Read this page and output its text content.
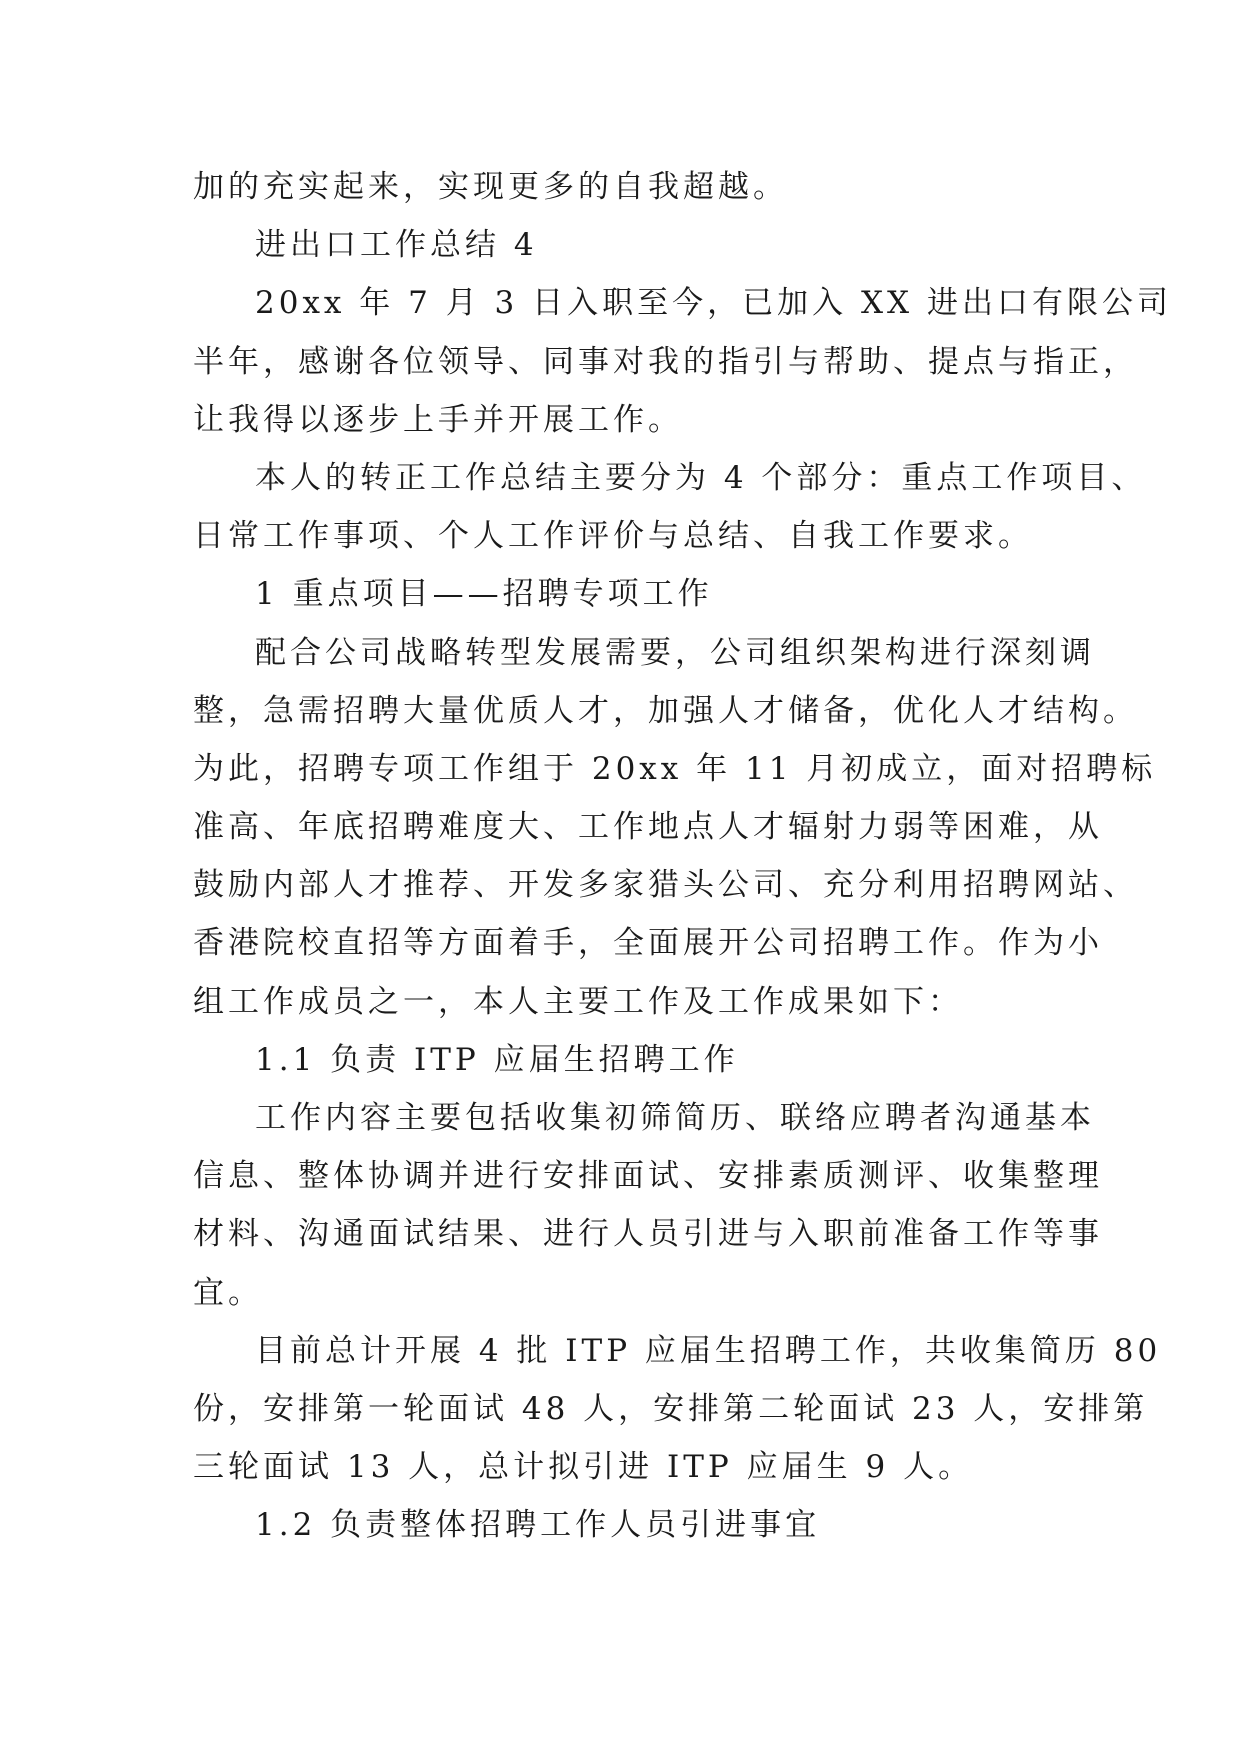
加的充实起来，实现更多的自我超越。
进出口工作总结 4
20xx 年 7 月 3 日入职至今，已加入 XX 进出口有限公司
半年，感谢各位领导、同事对我的指引与帮助、提点与指正，
让我得以逐步上手并开展工作。
本人的转正工作总结主要分为 4 个部分：重点工作项目、
日常工作事项、个人工作评价与总结、自我工作要求。
1 重点项目——招聘专项工作
配合公司战略转型发展需要，公司组织架构进行深刻调
整，急需招聘大量优质人才，加强人才储备，优化人才结构。
为此，招聘专项工作组于 20xx 年 11 月初成立，面对招聘标
准高、年底招聘难度大、工作地点人才辐射力弱等困难，从
鼓励内部人才推荐、开发多家猎头公司、充分利用招聘网站、
香港院校直招等方面着手，全面展开公司招聘工作。作为小
组工作成员之一，本人主要工作及工作成果如下：
1.1 负责 ITP 应届生招聘工作
工作内容主要包括收集初筛简历、联络应聘者沟通基本
信息、整体协调并进行安排面试、安排素质测评、收集整理
材料、沟通面试结果、进行人员引进与入职前准备工作等事
宜。
目前总计开展 4 批 ITP 应届生招聘工作，共收集简历 80
份，安排第一轮面试 48 人，安排第二轮面试 23 人，安排第
三轮面试 13 人，总计拟引进 ITP 应届生 9 人。
1.2 负责整体招聘工作人员引进事宜
